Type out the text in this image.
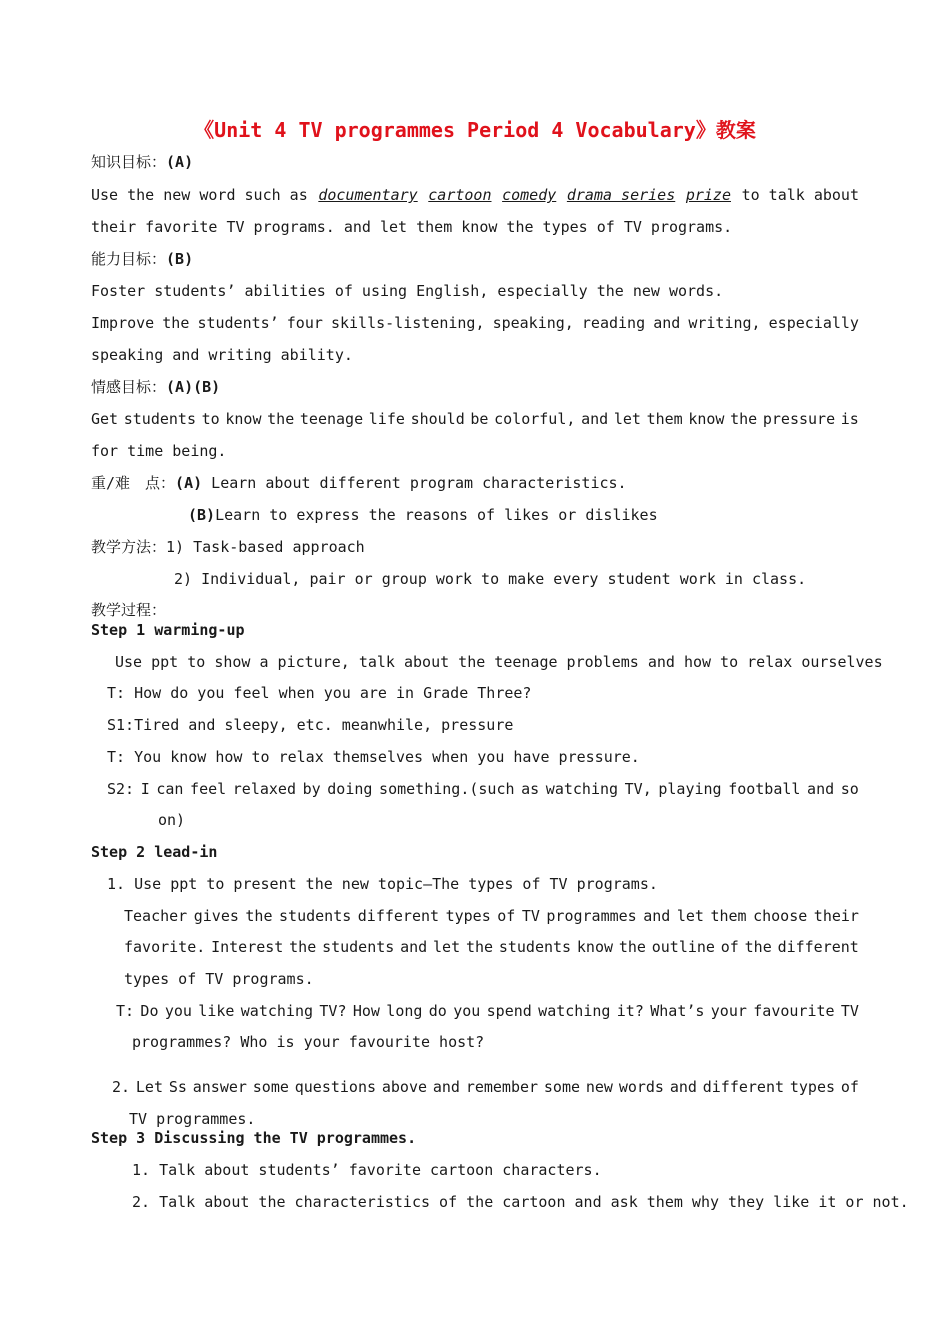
《Unit 4 TV programmes Period 4 Vocabulary》教案
知识目标：(A)
Use the new word such as documentary cartoon comedy drama series prize to talk about
their favorite TV programs. and let them know the types of TV programs.
能力目标：(B)
Foster students’ abilities of using English, especially the new words.
Improve the students’ four skills-listening, speaking, reading and writing, especially
speaking and writing ability.
情感目标：(A)(B)
Get students to know the teenage life should be colorful, and let them know the pressure is
for time being.
重/难　点：(A) Learn about different program characteristics.
(B)Learn to express the reasons of likes or dislikes
教学方法：1) Task-based approach
2) Individual, pair or group work to make every student work in class.
教学过程：
Step 1 warming-up
Use ppt to show a picture, talk about the teenage problems and how to relax ourselves
T: How do you feel when you are in Grade Three?
S1:Tired and sleepy, etc. meanwhile, pressure
T: You know how to relax themselves when you have pressure.
S2: I can feel relaxed by doing something.(such as watching TV, playing football and so
on)
Step 2 lead-in
1. Use ppt to present the new topic—The types of TV programs.
Teacher gives the students different types of TV programmes and let them choose their
favorite. Interest the students and let the students know the outline of the different
types of TV programs.
T: Do you like watching TV? How long do you spend watching it? What’s your favourite TV
programmes? Who is your favourite host?
2. Let Ss answer some questions above and remember some new words and different types of
TV programmes.
Step 3 Discussing the TV programmes.
1. Talk about students’ favorite cartoon characters.
2. Talk about the characteristics of the cartoon and ask them why they like it or not.
